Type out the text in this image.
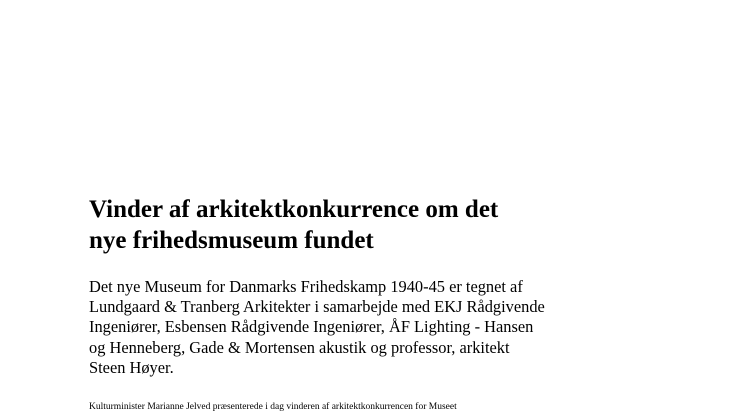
Vinder af arkitektkonkurrence om det
nye frihedsmuseum fundet

Det nye Museum for Danmarks Frihedskamp 1940-45 er tegnet af
Lundgaard & Tranberg Arkitekter i samarbejde med EKJ Rådgivende
Ingeniører, Esbensen Rådgivende Ingeniører, ÅF Lighting - Hansen
og Henneberg, Gade & Mortensen akustik og professor, arkitekt
Steen Høyer.

Kulturminister Marianne Jelved præsenterede i dag vinderen af arkitektkonkurrencen for Museet
